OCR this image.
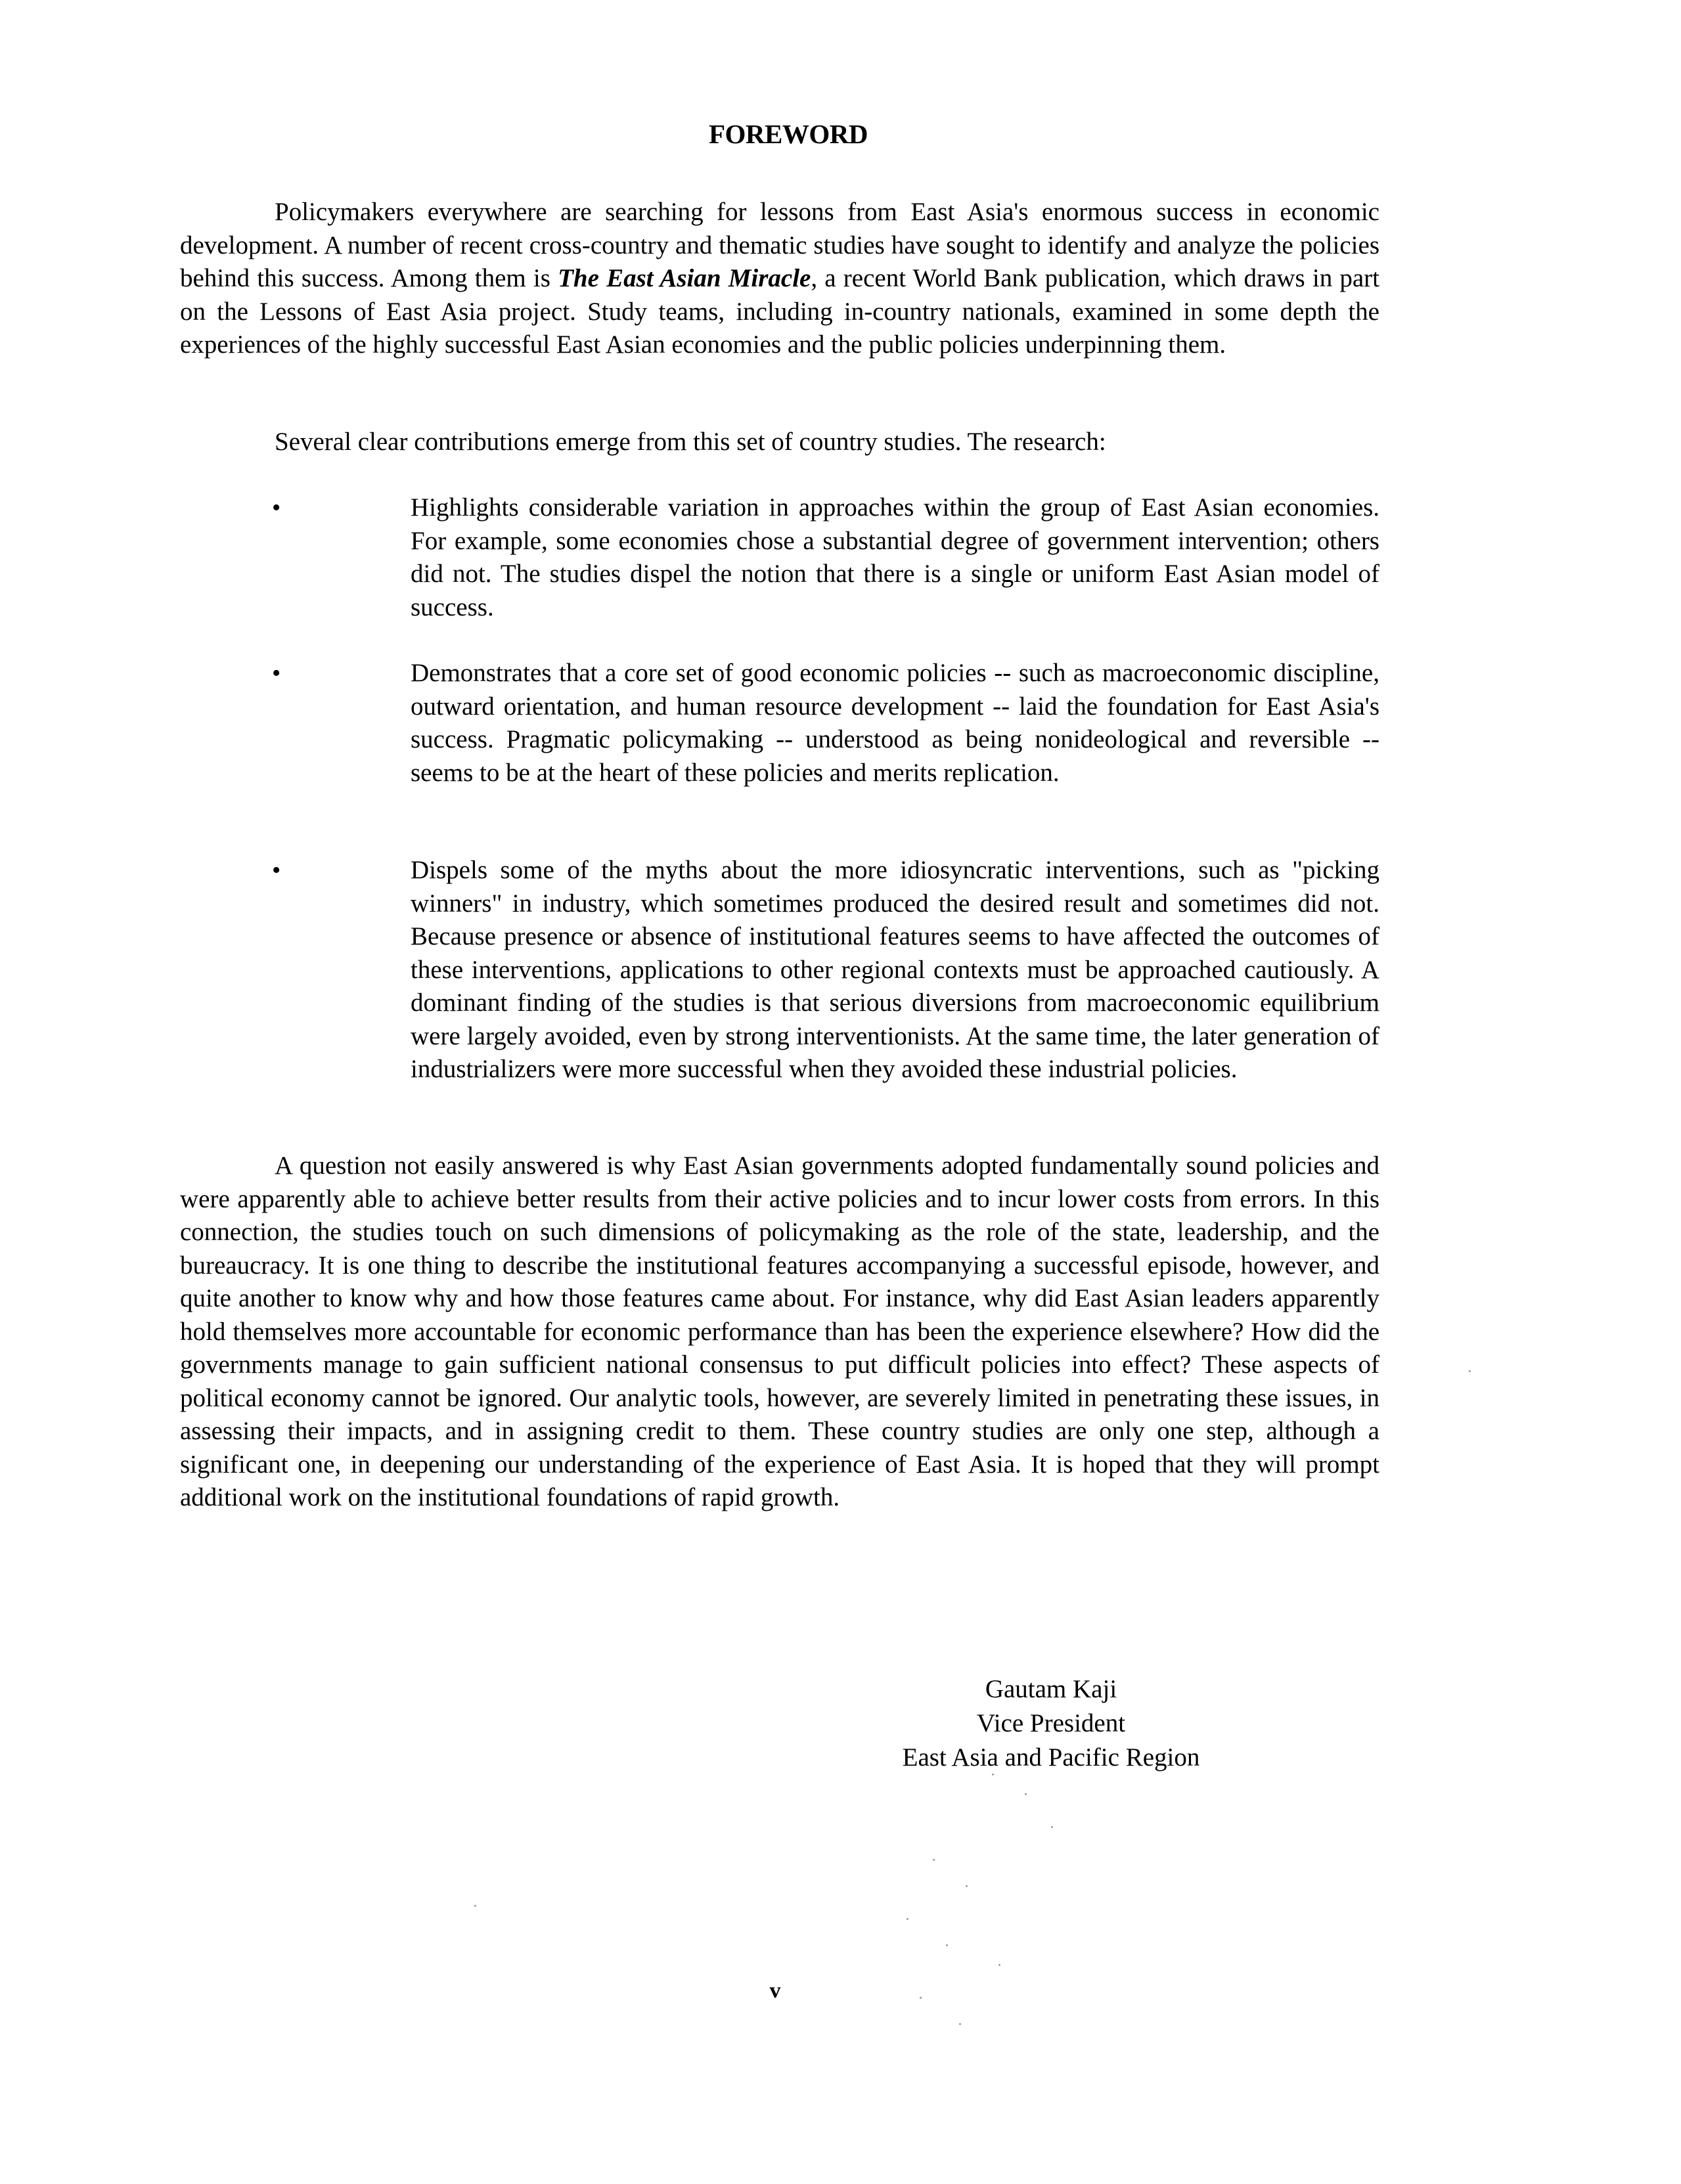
FOREWORD
Policymakers everywhere are searching for lessons from East Asia's enormous success in economic development. A number of recent cross-country and thematic studies have sought to identify and analyze the policies behind this success. Among them is The East Asian Miracle, a recent World Bank publication, which draws in part on the Lessons of East Asia project. Study teams, including in-country nationals, examined in some depth the experiences of the highly successful East Asian economies and the public policies underpinning them.
Several clear contributions emerge from this set of country studies. The research:
•	Highlights considerable variation in approaches within the group of East Asian economies. For example, some economies chose a substantial degree of government intervention; others did not. The studies dispel the notion that there is a single or uniform East Asian model of success.
•	Demonstrates that a core set of good economic policies -- such as macroeconomic discipline, outward orientation, and human resource development -- laid the foundation for East Asia's success. Pragmatic policymaking -- understood as being nonideological and reversible -- seems to be at the heart of these policies and merits replication.
•	Dispels some of the myths about the more idiosyncratic interventions, such as "picking winners" in industry, which sometimes produced the desired result and sometimes did not. Because presence or absence of institutional features seems to have affected the outcomes of these interventions, applications to other regional contexts must be approached cautiously. A dominant finding of the studies is that serious diversions from macroeconomic equilibrium were largely avoided, even by strong interventionists. At the same time, the later generation of industrializers were more successful when they avoided these industrial policies.
A question not easily answered is why East Asian governments adopted fundamentally sound policies and were apparently able to achieve better results from their active policies and to incur lower costs from errors. In this connection, the studies touch on such dimensions of policymaking as the role of the state, leadership, and the bureaucracy. It is one thing to describe the institutional features accompanying a successful episode, however, and quite another to know why and how those features came about. For instance, why did East Asian leaders apparently hold themselves more accountable for economic performance than has been the experience elsewhere? How did the governments manage to gain sufficient national consensus to put difficult policies into effect? These aspects of political economy cannot be ignored. Our analytic tools, however, are severely limited in penetrating these issues, in assessing their impacts, and in assigning credit to them. These country studies are only one step, although a significant one, in deepening our understanding of the experience of East Asia. It is hoped that they will prompt additional work on the institutional foundations of rapid growth.
Gautam Kaji
Vice President
East Asia and Pacific Region
v
